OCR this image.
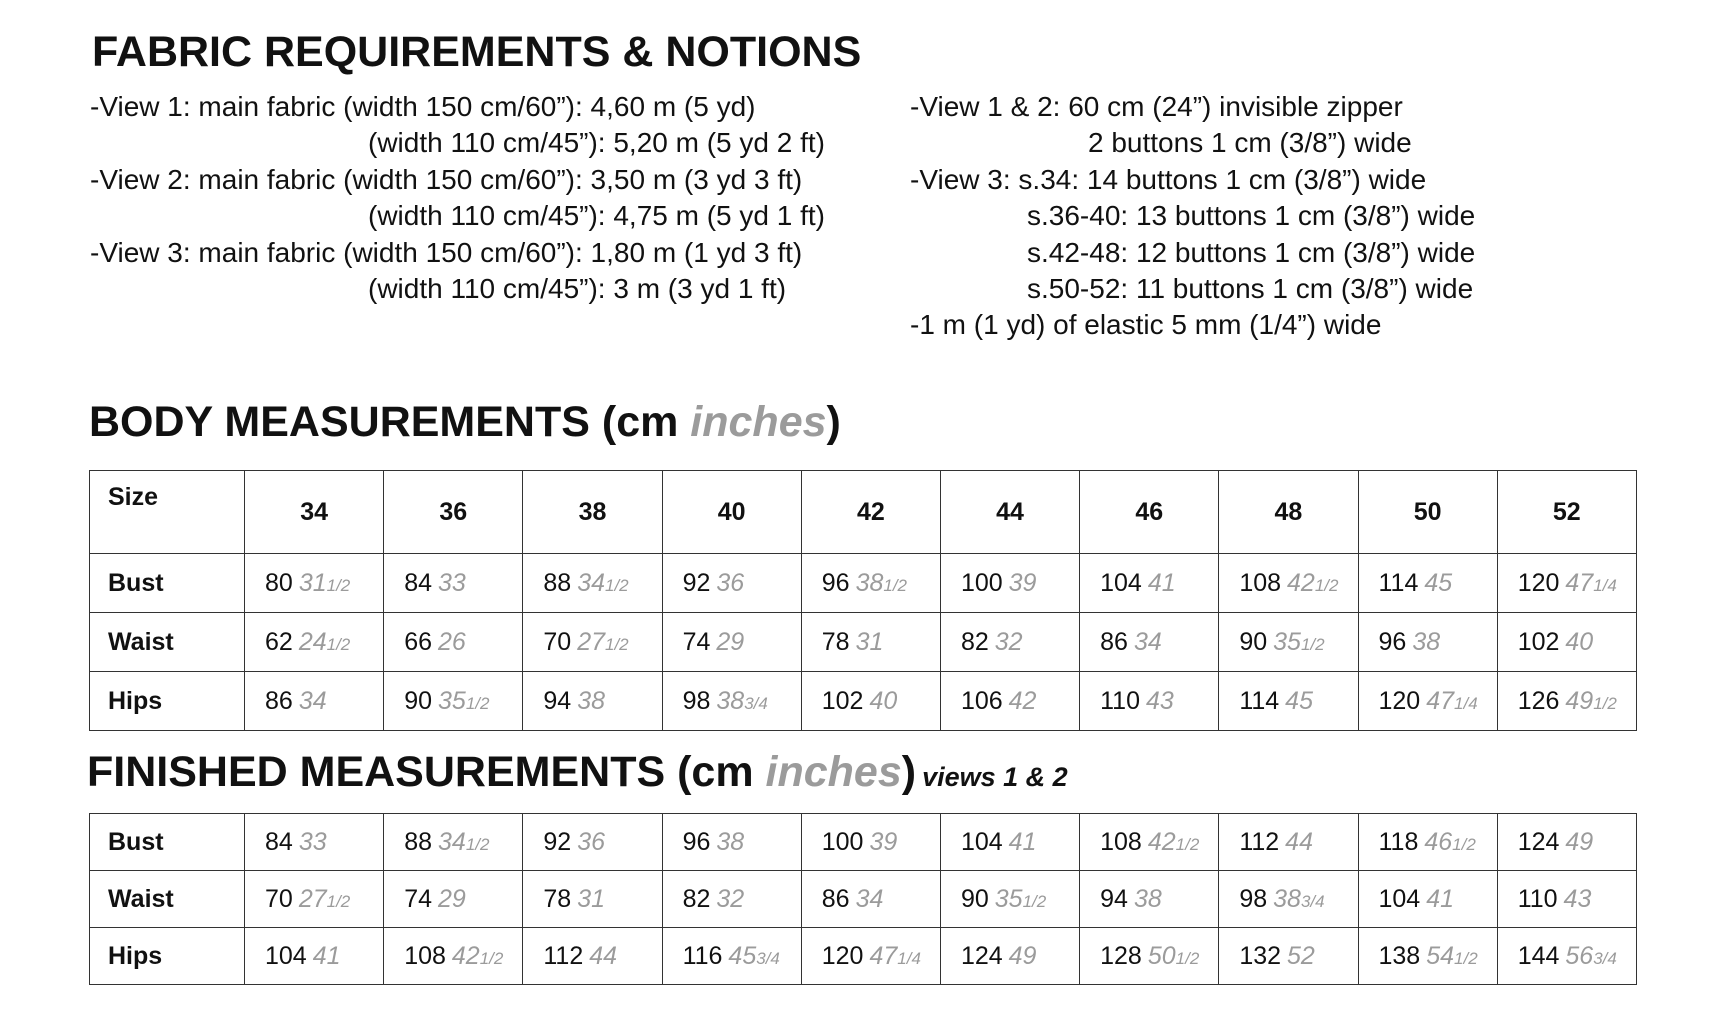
FABRIC REQUIREMENTS & NOTIONS
-View 1: main fabric (width 150 cm/60”): 4,60 m (5 yd)
(width 110 cm/45”): 5,20 m (5 yd 2 ft)
-View 2: main fabric (width 150 cm/60”): 3,50 m (3 yd 3 ft)
(width 110 cm/45”): 4,75 m (5 yd 1 ft)
-View 3: main fabric (width 150 cm/60”): 1,80 m (1 yd 3 ft)
(width 110 cm/45”): 3 m (3 yd 1 ft)
-View 1 & 2: 60 cm (24”) invisible zipper
2 buttons 1 cm (3/8”) wide
-View 3: s.34: 14 buttons 1 cm (3/8”) wide
s.36-40: 13 buttons 1 cm (3/8”) wide
s.42-48: 12 buttons 1 cm (3/8”) wide
s.50-52: 11 buttons 1 cm (3/8”) wide
-1 m (1 yd) of elastic 5 mm (1/4”) wide
BODY MEASUREMENTS (cm inches)
Size	34	36	38	40	42	44	46	48	50	52
Bust	80 311/2	84 33	88 341/2	92 36	96 381/2	100 39	104 41	108 421/2	114 45	120 471/4
Waist	62 241/2	66 26	70 271/2	74 29	78 31	82 32	86 34	90 351/2	96 38	102 40
Hips	86 34	90 351/2	94 38	98 383/4	102 40	106 42	110 43	114 45	120 471/4	126 491/2
FINISHED MEASUREMENTS (cm inches) views 1 & 2
Bust	84 33	88 341/2	92 36	96 38	100 39	104 41	108 421/2	112 44	118 461/2	124 49
Waist	70 271/2	74 29	78 31	82 32	86 34	90 351/2	94 38	98 383/4	104 41	110 43
Hips	104 41	108 421/2	112 44	116 453/4	120 471/4	124 49	128 501/2	132 52	138 541/2	144 563/4
